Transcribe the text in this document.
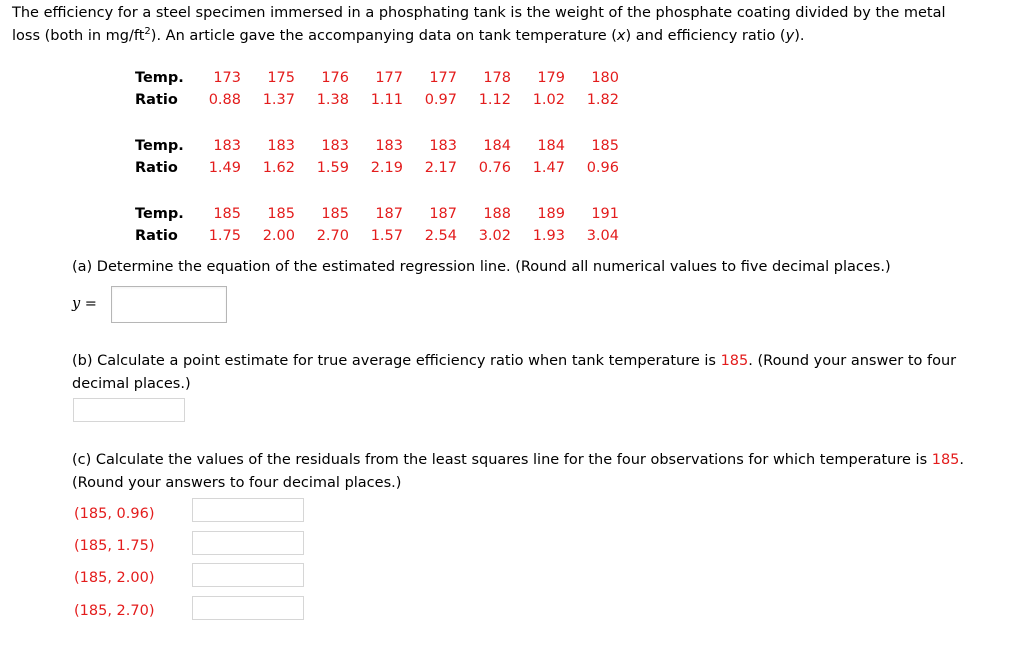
The efficiency for a steel specimen immersed in a phosphating tank is the weight of the phosphate coating divided by the metal
loss (both in $mg/ft^2$). An article gave the accompanying data on tank temperature (x) and efficiency ratio (y).
Temp.	173	175	176	177	177	178	179	180
Ratio	0.88	1.37	1.38	1.11	0.97	1.12	1.02	1.82
Temp.	183	183	183	183	183	184	184	185
Ratio	1.49	1.62	1.59	2.19	2.17	0.76	1.47	0.96
Temp.	185	185	185	187	187	188	189	191
Ratio	1.75	2.00	2.70	1.57	2.54	3.02	1.93	3.04
(a) Determine the equation of the estimated regression line. (Round all numerical values to five decimal places.)
y =
(b) Calculate a point estimate for true average efficiency ratio when tank temperature is 185. (Round your answer to four
decimal places.)
(c) Calculate the values of the residuals from the least squares line for the four observations for which temperature is 185.
(Round your answers to four decimal places.)
(185, 0.96)
(185, 1.75)
(185, 2.00)
(185, 2.70)
